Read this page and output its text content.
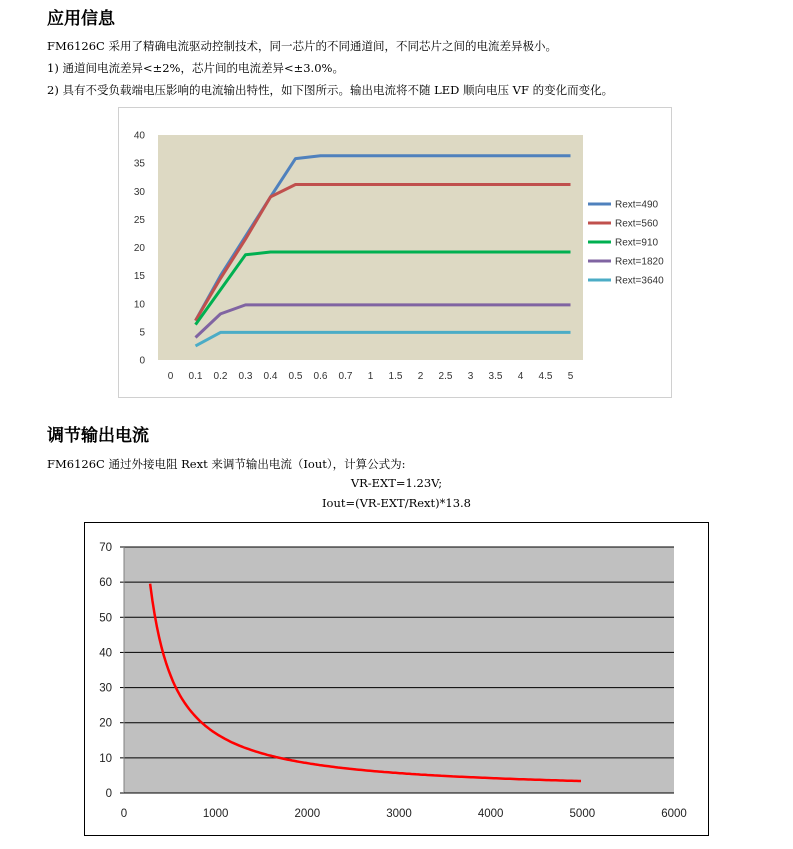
应用信息
FM6126C 采用了精确电流驱动控制技术，同一芯片的不同通道间，不同芯片之间的电流差异极小。
1) 通道间电流差异<±2%，芯片间的电流差异<±3.0%。
2) 具有不受负载端电压影响的电流输出特性，如下图所示。输出电流将不随 LED 顺向电压 VF 的变化而变化。
0
5
10
15
20
25
30
35
40
0 0.1 0.2 0.3 0.4 0.5 0.6 0.7 1 1.5 2 2.5 3 3.5 4 4.5 5
Rext=490
Rext=560
Rext=910
Rext=1820
Rext=3640
调节输出电流
FM6126C 通过外接电阻 Rext 来调节输出电流（Iout），计算公式为:
VR-EXT=1.23V;
Iout=(VR-EXT/Rext)*13.8
0
10
20
30
40
50
60
70
0	1000	2000	3000	4000	5000	6000
